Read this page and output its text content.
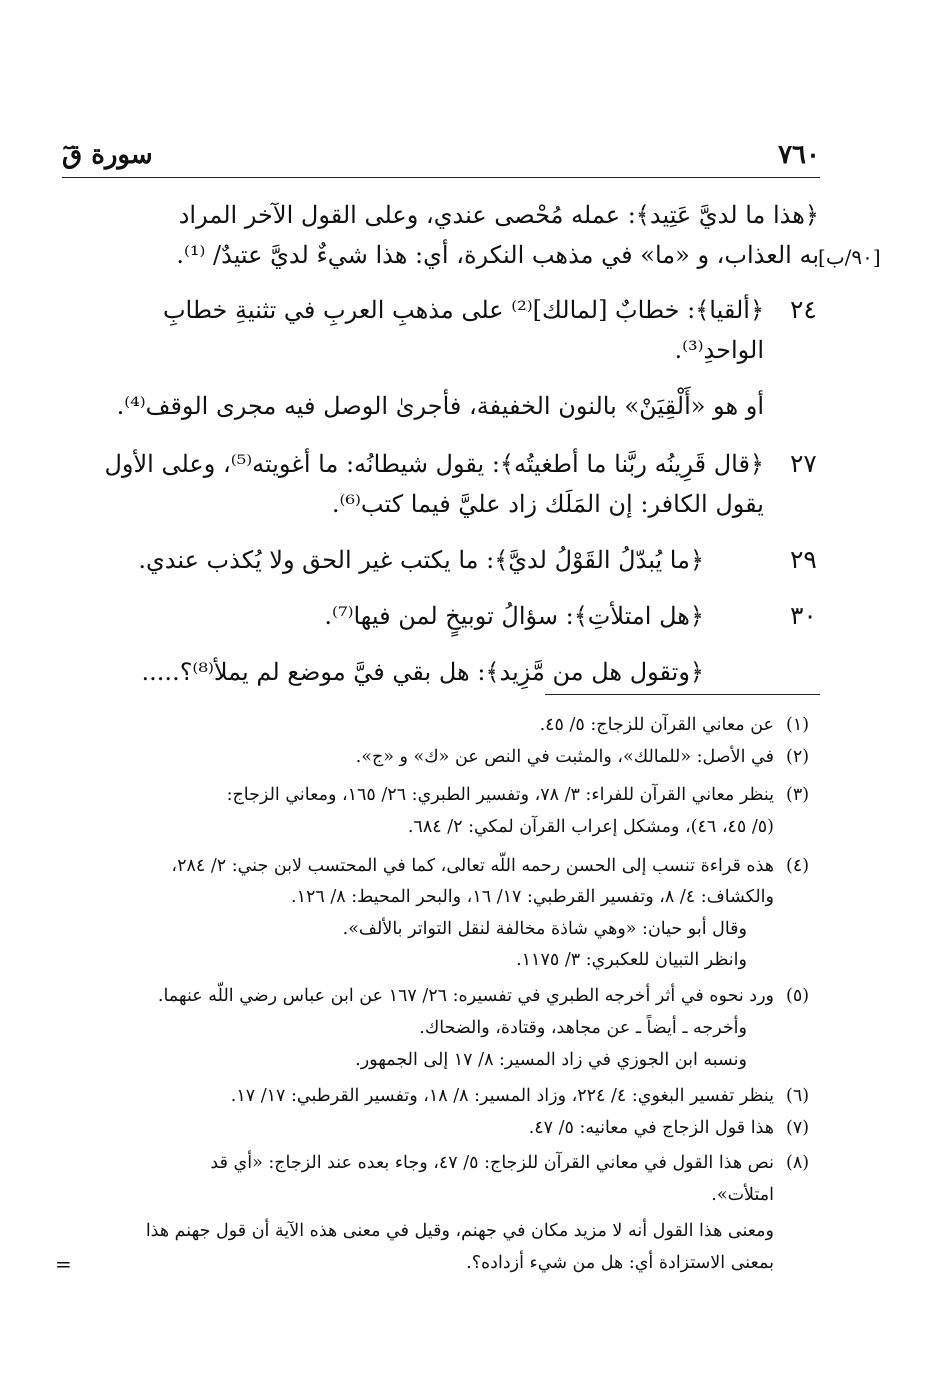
٧٦٠
سورة قٓ
﴿هذا ما لديَّ عَتِيد﴾: عمله مُحْصى عندي، وعلى القول الآخر المراد
به العذاب، و «ما» في مذهب النكرة، أي: هذا شيءٌ لديَّ عتيدٌ/ ⁽¹⁾. [٩٠/ب]
٢٤
﴿ألقيا﴾: خطابٌ [لمالك]⁽²⁾ على مذهبِ العربِ في تثنيةِ خطابِ
الواحدِ⁽³⁾.
أو هو «أَلْقِيَنْ» بالنون الخفيفة، فأجرىٰ الوصل فيه مجرى الوقف⁽⁴⁾.
٢٧
﴿قال قَرِينُه ربَّنا ما أطغيتُه﴾: يقول شيطانُه: ما أغويته⁽⁵⁾، وعلى الأول
يقول الكافر: إن المَلَك زاد عليَّ فيما كتب⁽⁶⁾.
٢٩
﴿ما يُبدّلُ القَوْلُ لديَّ﴾: ما يكتب غير الحق ولا يُكذب عندي.
٣٠
﴿هل امتلأتِ﴾: سؤالُ توبيخٍ لمن فيها⁽⁷⁾.
﴿وتقول هل من مَّزِيد﴾: هل بقي فيَّ موضع لم يملأ⁽⁸⁾؟.....
(١)
عن معاني القرآن للزجاج: ٥/ ٤٥.
(٢)
في الأصل: «للمالك»، والمثبت في النص عن «ك» و «ج».
(٣)
ينظر معاني القرآن للفراء: ٣/ ٧٨، وتفسير الطبري: ٢٦/ ١٦٥، ومعاني الزجاج:
(٥/ ٤٥، ٤٦)، ومشكل إعراب القرآن لمكي: ٢/ ٦٨٤.
(٤)
هذه قراءة تنسب إلى الحسن رحمه اللّه تعالى، كما في المحتسب لابن جني: ٢/ ٢٨٤،
والكشاف: ٤/ ٨، وتفسير القرطبي: ١٧/ ١٦، والبحر المحيط: ٨/ ١٢٦.
وقال أبو حيان: «وهي شاذة مخالفة لنقل التواتر بالألف».
وانظر التبيان للعكبري: ٣/ ١١٧٥.
(٥)
ورد نحوه في أثر أخرجه الطبري في تفسيره: ٢٦/ ١٦٧ عن ابن عباس رضي اللّه عنهما.
وأخرجه ـ أيضاً ـ عن مجاهد، وقتادة، والضحاك.
ونسبه ابن الجوزي في زاد المسير: ٨/ ١٧ إلى الجمهور.
(٦)
ينظر تفسير البغوي: ٤/ ٢٢٤، وزاد المسير: ٨/ ١٨، وتفسير القرطبي: ١٧/ ١٧.
(٧)
هذا قول الزجاج في معانيه: ٥/ ٤٧.
(٨)
نص هذا القول في معاني القرآن للزجاج: ٥/ ٤٧، وجاء بعده عند الزجاج: «أي قد
امتلأت».
ومعنى هذا القول أنه لا مزيد مكان في جهنم، وقيل في معنى هذه الآية أن قول جهنم هذا
بمعنى الاستزادة أي: هل من شيء أزداده؟.
=
